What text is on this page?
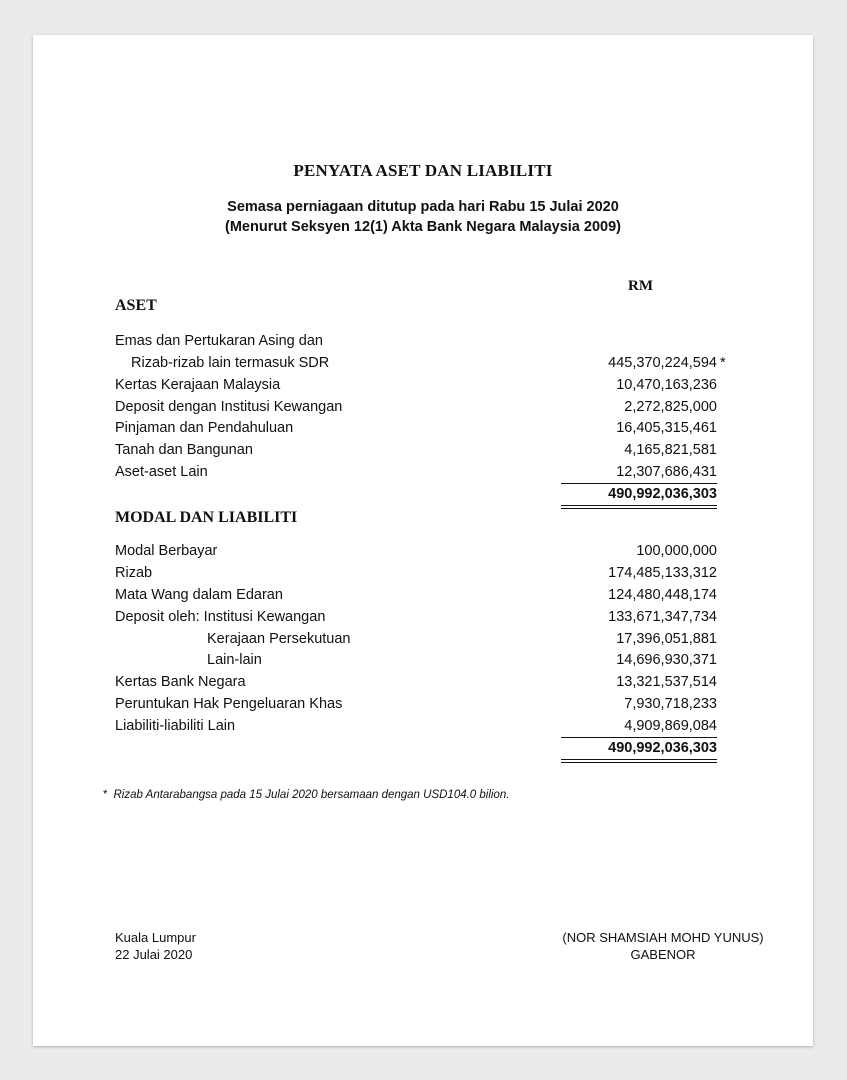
PENYATA ASET DAN LIABILITI
Semasa perniagaan ditutup pada hari Rabu 15 Julai 2020
(Menurut Seksyen 12(1) Akta Bank Negara Malaysia 2009)
RM
ASET
Emas dan Pertukaran Asing dan
Rizab-rizab lain termasuk SDR	445,370,224,594 *
Kertas Kerajaan Malaysia	10,470,163,236
Deposit dengan Institusi Kewangan	2,272,825,000
Pinjaman dan Pendahuluan	16,405,315,461
Tanah dan Bangunan	4,165,821,581
Aset-aset Lain	12,307,686,431
490,992,036,303
MODAL DAN LIABILITI
Modal Berbayar	100,000,000
Rizab	174,485,133,312
Mata Wang dalam Edaran	124,480,448,174
Deposit oleh: Institusi Kewangan	133,671,347,734
Kerajaan Persekutuan	17,396,051,881
Lain-lain	14,696,930,371
Kertas Bank Negara	13,321,537,514
Peruntukan Hak Pengeluaran Khas	7,930,718,233
Liabiliti-liabiliti Lain	4,909,869,084
490,992,036,303
* Rizab Antarabangsa pada 15 Julai 2020 bersamaan dengan USD104.0 bilion.
Kuala Lumpur
22 Julai 2020
(NOR SHAMSIAH MOHD YUNUS)
GABENOR
